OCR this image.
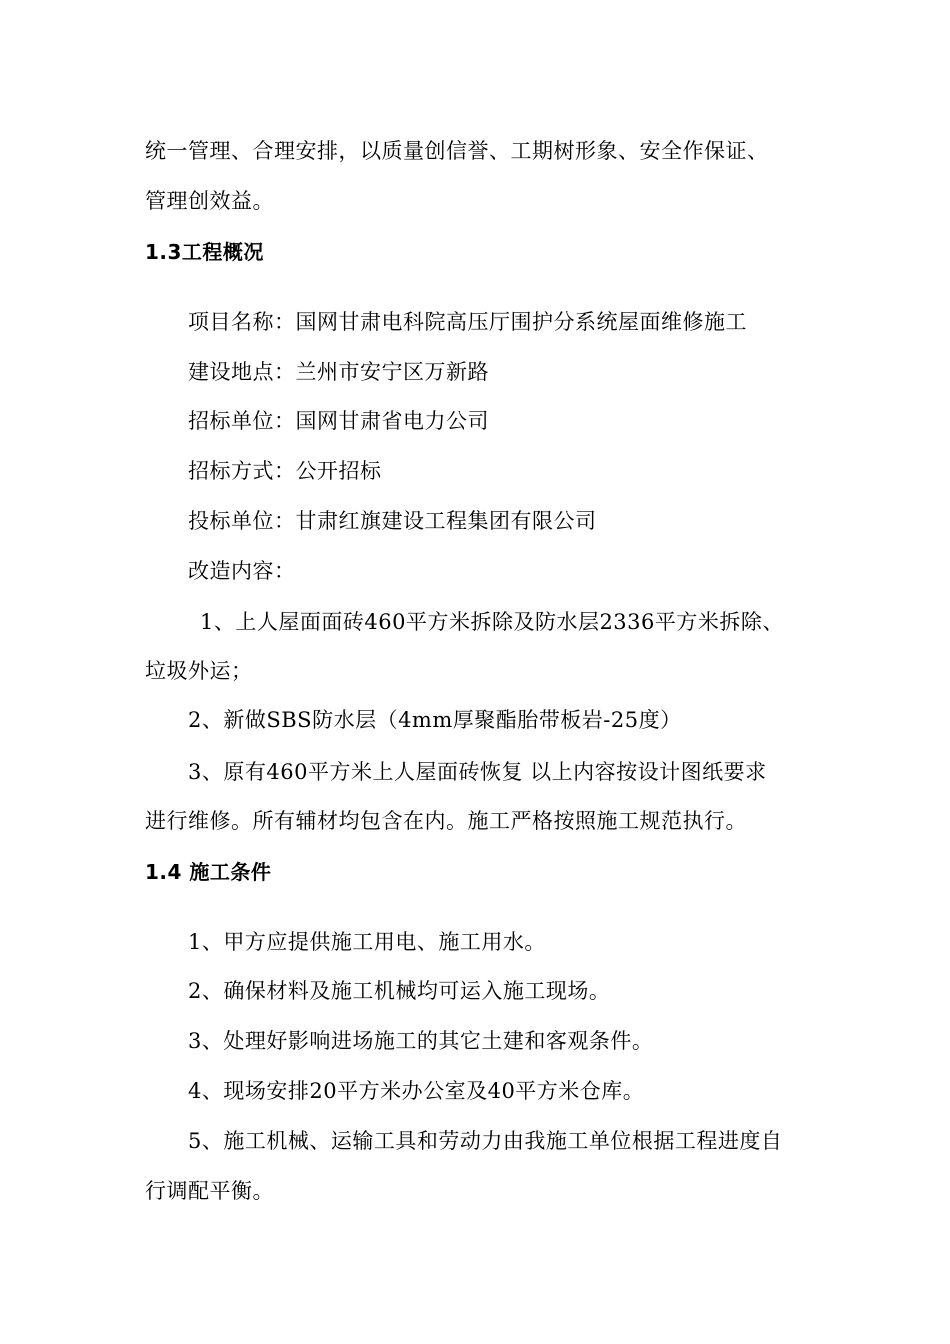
统一管理、合理安排，以质量创信誉、工期树形象、安全作保证、
管理创效益。
1.3工程概况
项目名称：国网甘肃电科院高压厅围护分系统屋面维修施工
建设地点：兰州市安宁区万新路
招标单位：国网甘肃省电力公司
招标方式：公开招标
投标单位：甘肃红旗建设工程集团有限公司
改造内容：
1、上人屋面面砖460平方米拆除及防水层2336平方米拆除、
垃圾外运；
2、新做SBS防水层（4mm厚聚酯胎带板岩-25度）
3、原有460平方米上人屋面砖恢复 以上内容按设计图纸要求
进行维修。所有辅材均包含在内。施工严格按照施工规范执行。
1.4 施工条件
1、甲方应提供施工用电、施工用水。
2、确保材料及施工机械均可运入施工现场。
3、处理好影响进场施工的其它土建和客观条件。
4、现场安排20平方米办公室及40平方米仓库。
5、施工机械、运输工具和劳动力由我施工单位根据工程进度自
行调配平衡。
